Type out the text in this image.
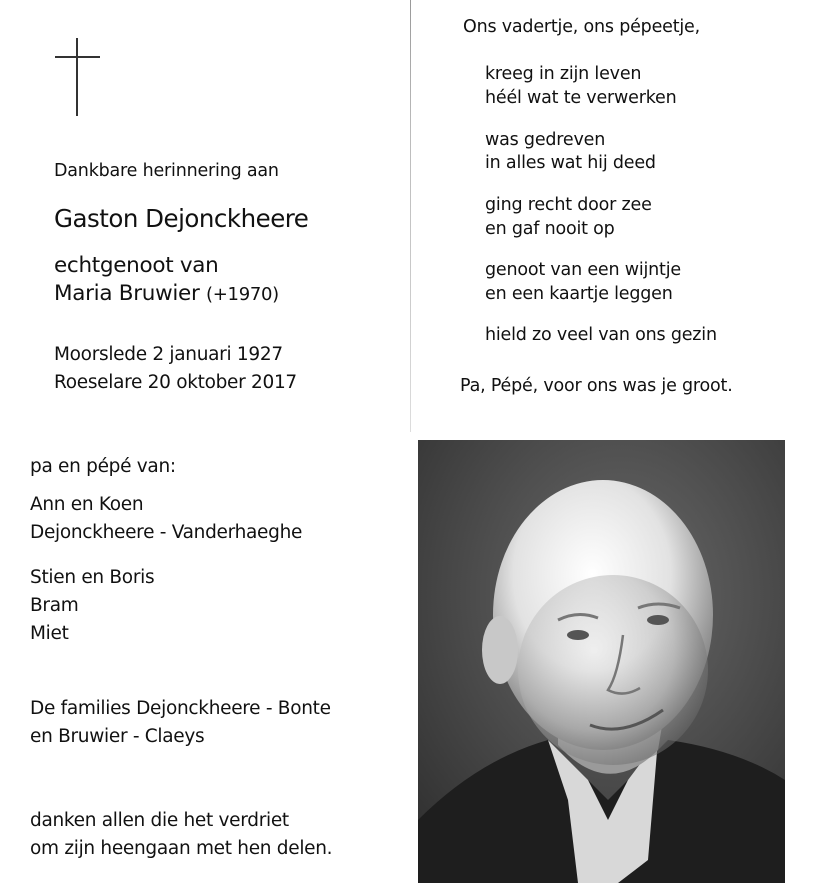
Dankbare herinnering aan
Gaston Dejonckheere
echtgenoot van
Maria Bruwier (+1970)
Moorslede 2 januari 1927
Roeselare 20 oktober 2017
Ons vadertje, ons pépeetje,
kreeg in zijn leven
héél wat te verwerken
was gedreven
in alles wat hij deed
ging recht door zee
en gaf nooit op
genoot van een wijntje
en een kaartje leggen
hield zo veel van ons gezin
Pa, Pépé, voor ons was je groot.
pa en pépé van:
Ann en Koen
Dejonckheere - Vanderhaeghe
Stien en Boris
Bram
Miet
De families Dejonckheere - Bonte
en Bruwier - Claeys
danken allen die het verdriet
om zijn heengaan met hen delen.
